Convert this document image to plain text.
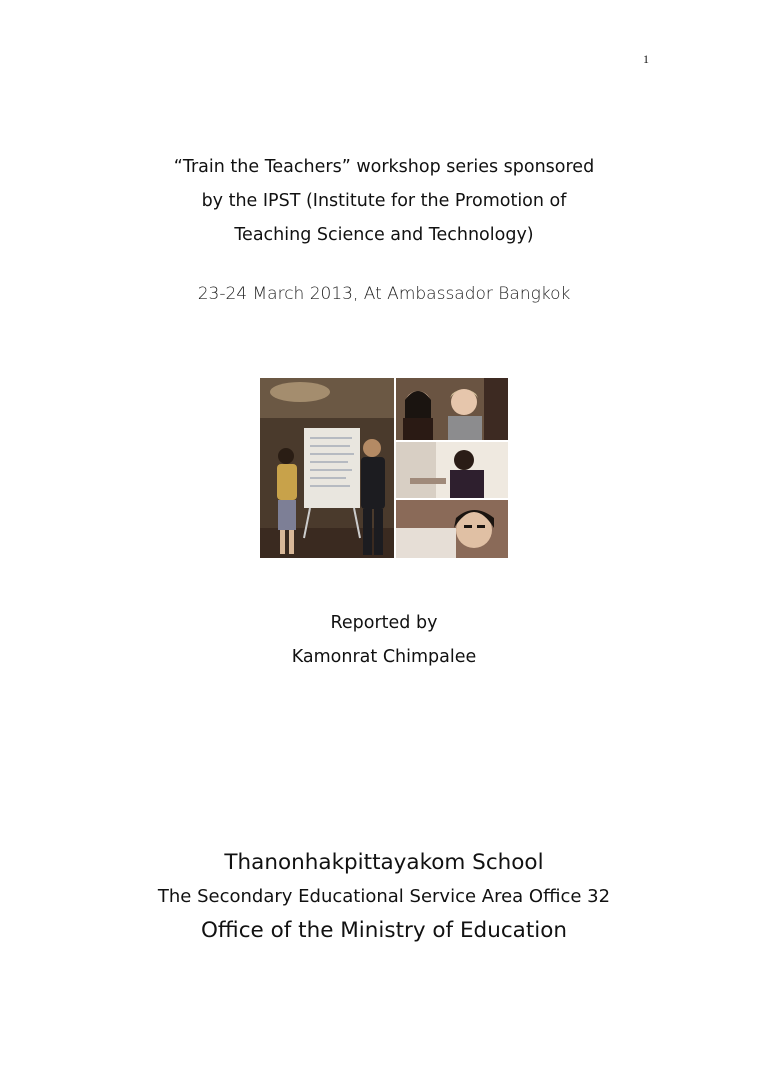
1
“Train the Teachers” workshop series sponsored
by the IPST (Institute for the Promotion of
Teaching Science and Technology)
23-24 March 2013, At Ambassador Bangkok
Reported by
Kamonrat Chimpalee
Thanonhakpittayakom School
The Secondary Educational Service Area Office 32
Office of the Ministry of Education
